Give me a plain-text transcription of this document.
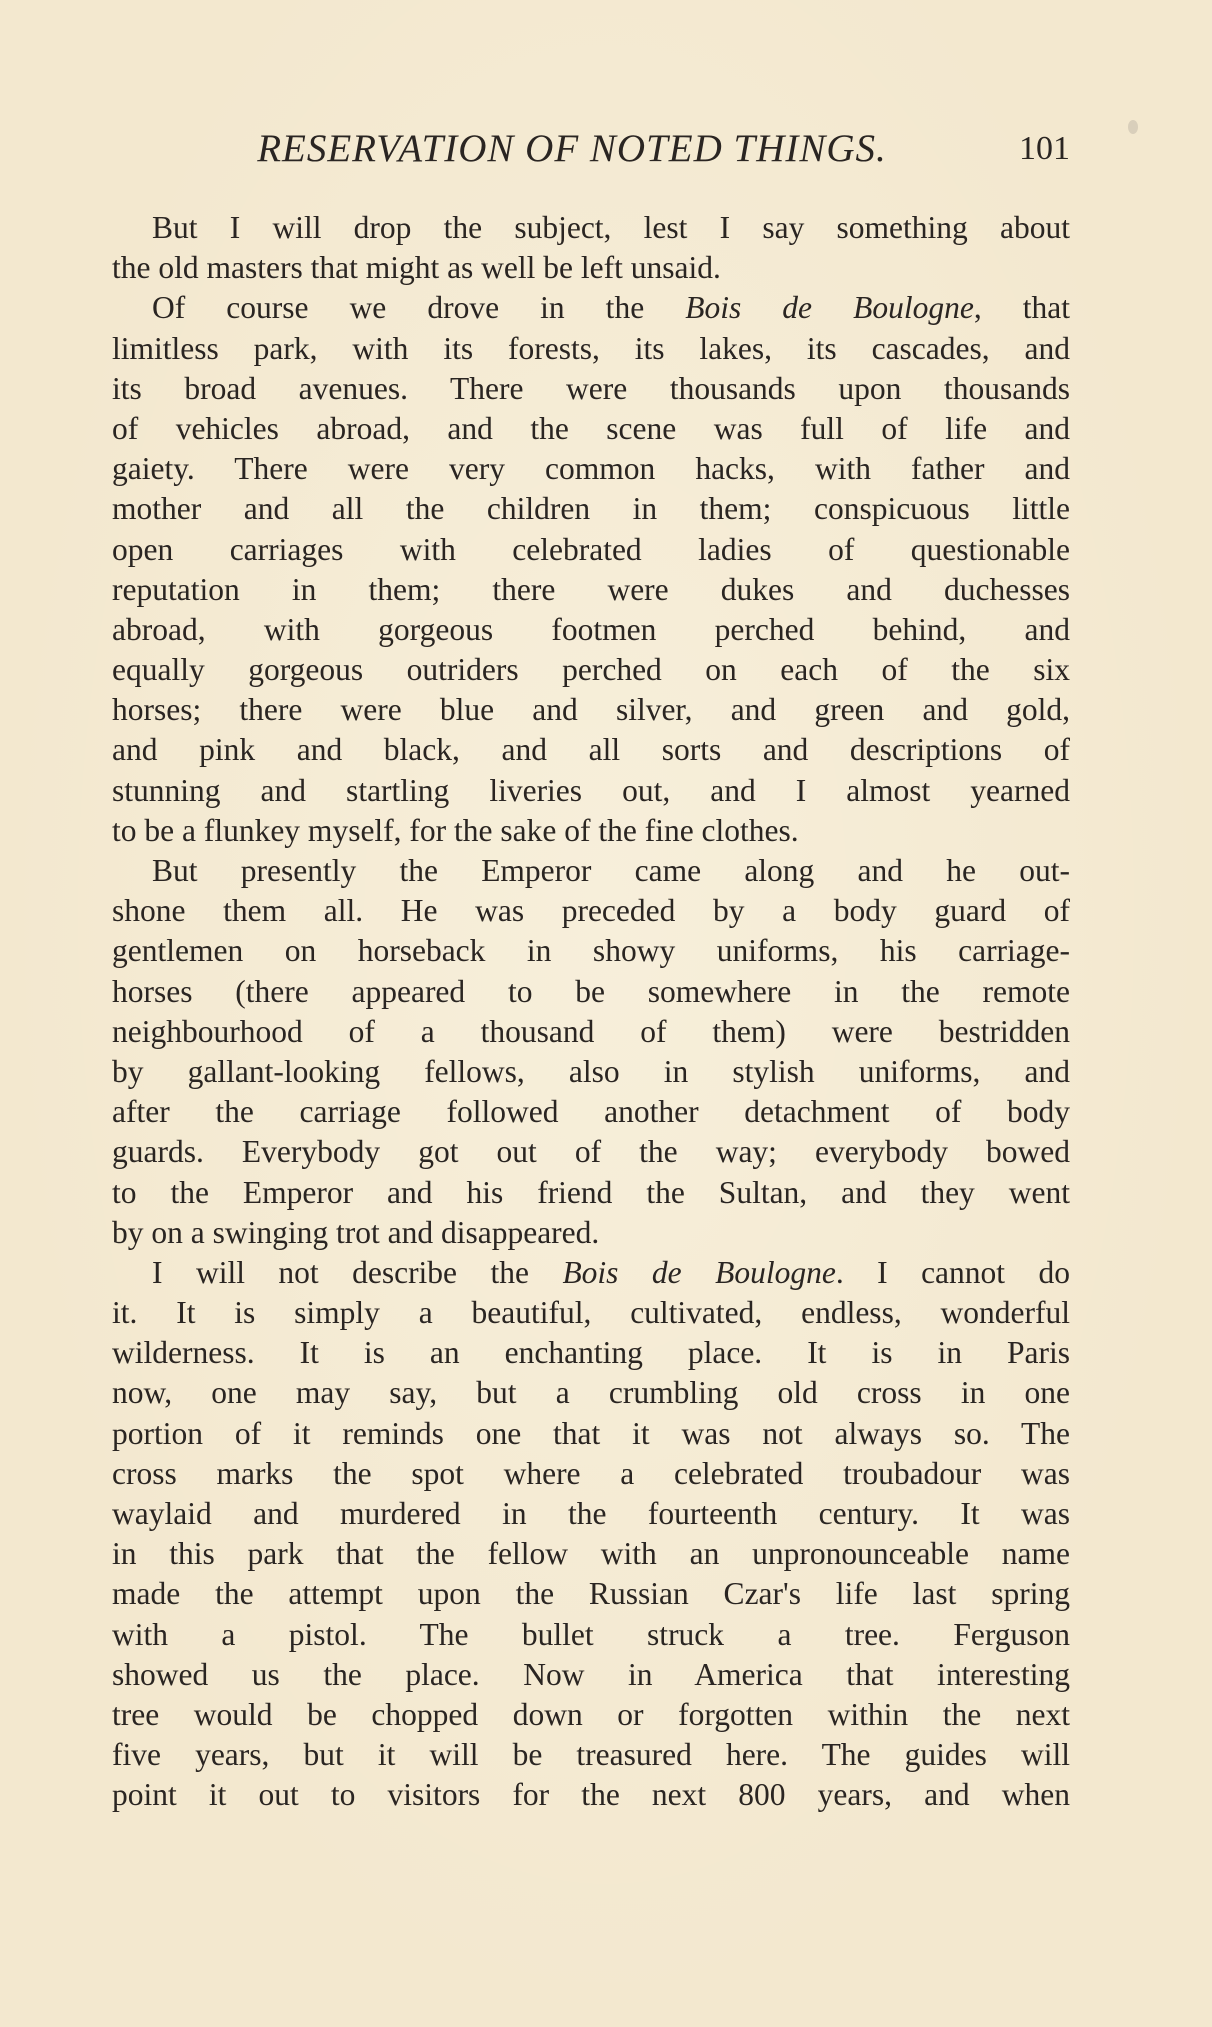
RESERVATION OF NOTED THINGS.	101
But I will drop the subject, lest I say something about
the old masters that might as well be left unsaid.
Of course we drove in the Bois de Boulogne, that
limitless park, with its forests, its lakes, its cascades, and
its broad avenues. There were thousands upon thousands
of vehicles abroad, and the scene was full of life and
gaiety. There were very common hacks, with father and
mother and all the children in them; conspicuous little
open carriages with celebrated ladies of questionable
reputation in them; there were dukes and duchesses
abroad, with gorgeous footmen perched behind, and
equally gorgeous outriders perched on each of the six
horses; there were blue and silver, and green and gold,
and pink and black, and all sorts and descriptions of
stunning and startling liveries out, and I almost yearned
to be a flunkey myself, for the sake of the fine clothes.
But presently the Emperor came along and he out-
shone them all. He was preceded by a body guard of
gentlemen on horseback in showy uniforms, his carriage-
horses (there appeared to be somewhere in the remote
neighbourhood of a thousand of them) were bestridden
by gallant-looking fellows, also in stylish uniforms, and
after the carriage followed another detachment of body
guards. Everybody got out of the way; everybody bowed
to the Emperor and his friend the Sultan, and they went
by on a swinging trot and disappeared.
I will not describe the Bois de Boulogne. I cannot do
it. It is simply a beautiful, cultivated, endless, wonderful
wilderness. It is an enchanting place. It is in Paris
now, one may say, but a crumbling old cross in one
portion of it reminds one that it was not always so. The
cross marks the spot where a celebrated troubadour was
waylaid and murdered in the fourteenth century. It was
in this park that the fellow with an unpronounceable name
made the attempt upon the Russian Czar's life last spring
with a pistol. The bullet struck a tree. Ferguson
showed us the place. Now in America that interesting
tree would be chopped down or forgotten within the next
five years, but it will be treasured here. The guides will
point it out to visitors for the next 800 years, and when
